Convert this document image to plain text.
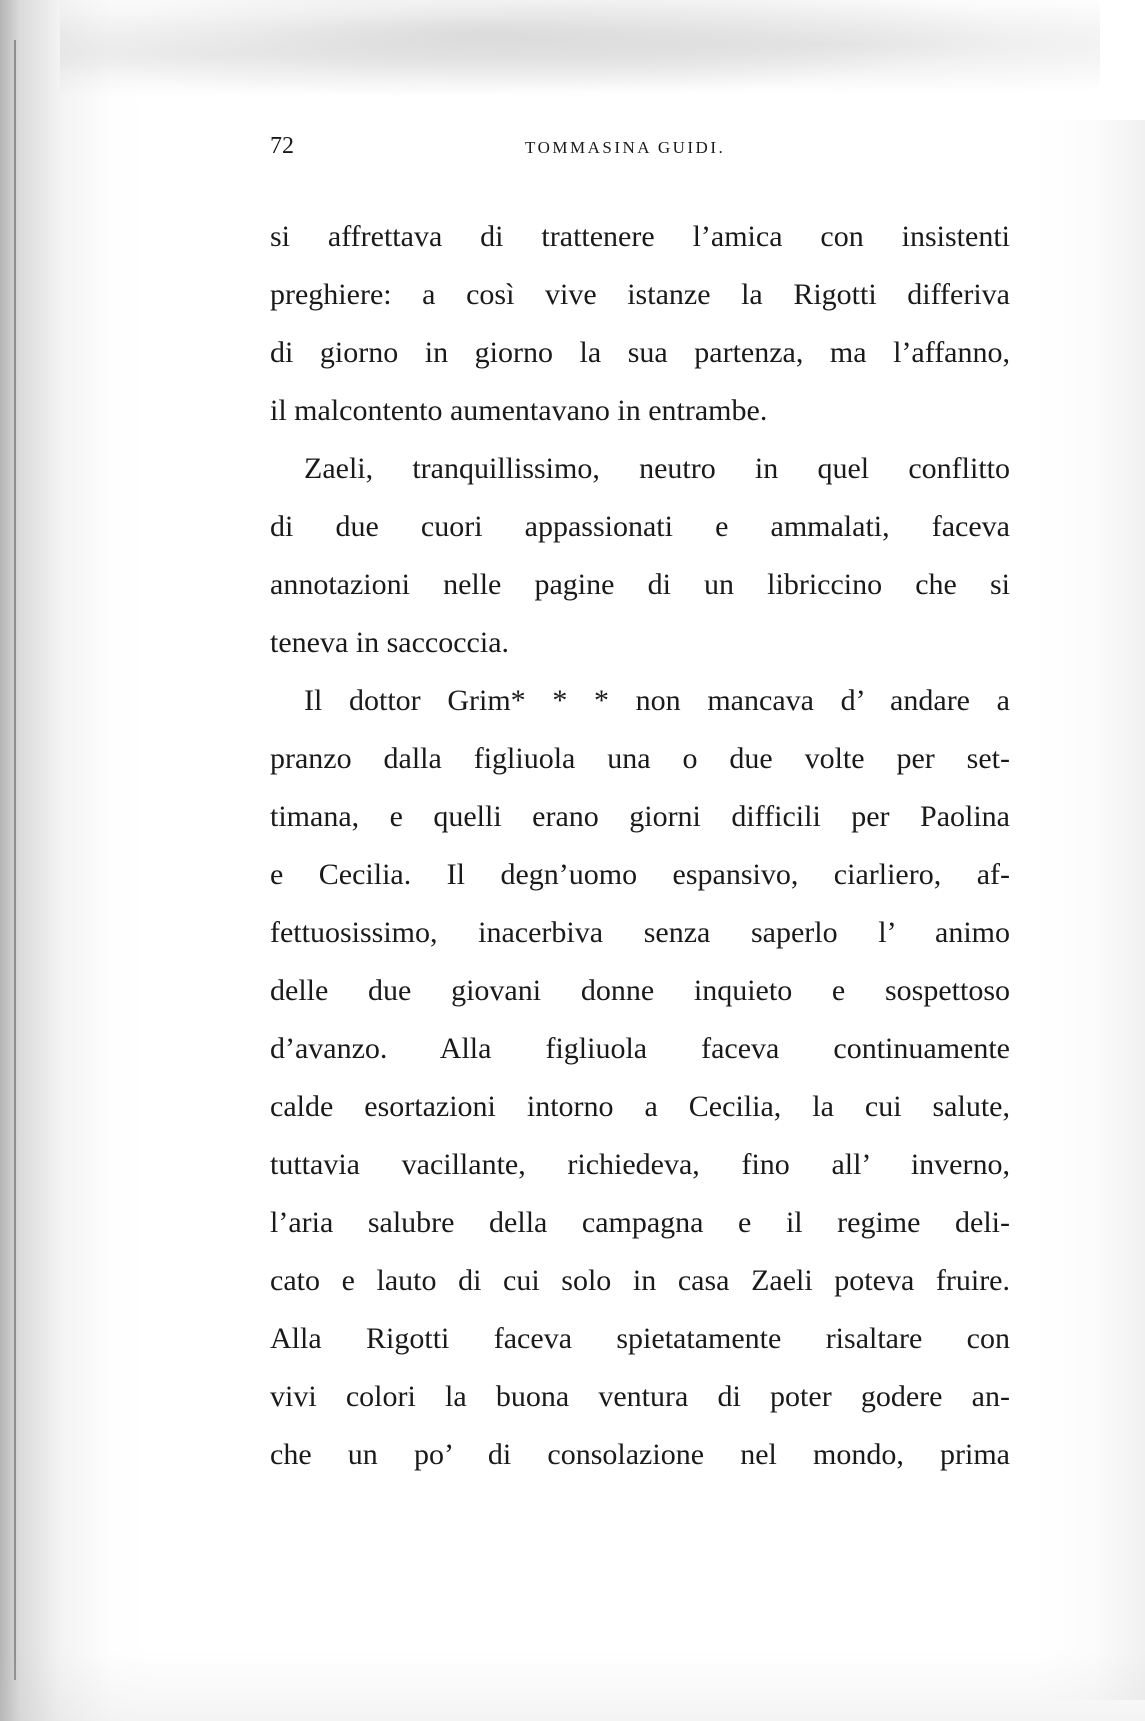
72	TOMMASINA GUIDI.
si affrettava di trattenere l’amica con insistenti
preghiere: a così vive istanze la Rigotti differiva
di giorno in giorno la sua partenza, ma l’affanno,
il malcontento aumentavano in entrambe.
Zaeli, tranquillissimo, neutro in quel conflitto
di due cuori appassionati e ammalati, faceva
annotazioni nelle pagine di un libriccino che si
teneva in saccoccia.
Il dottor Grim* * * non mancava d’ andare a
pranzo dalla figliuola una o due volte per set-
timana, e quelli erano giorni difficili per Paolina
e Cecilia. Il degn’uomo espansivo, ciarliero, af-
fettuosissimo, inacerbiva senza saperlo l’ animo
delle due giovani donne inquieto e sospettoso
d’avanzo. Alla figliuola faceva continuamente
calde esortazioni intorno a Cecilia, la cui salute,
tuttavia vacillante, richiedeva, fino all’ inverno,
l’aria salubre della campagna e il regime deli-
cato e lauto di cui solo in casa Zaeli poteva fruire.
Alla Rigotti faceva spietatamente risaltare con
vivi colori la buona ventura di poter godere an-
che un po’ di consolazione nel mondo, prima
